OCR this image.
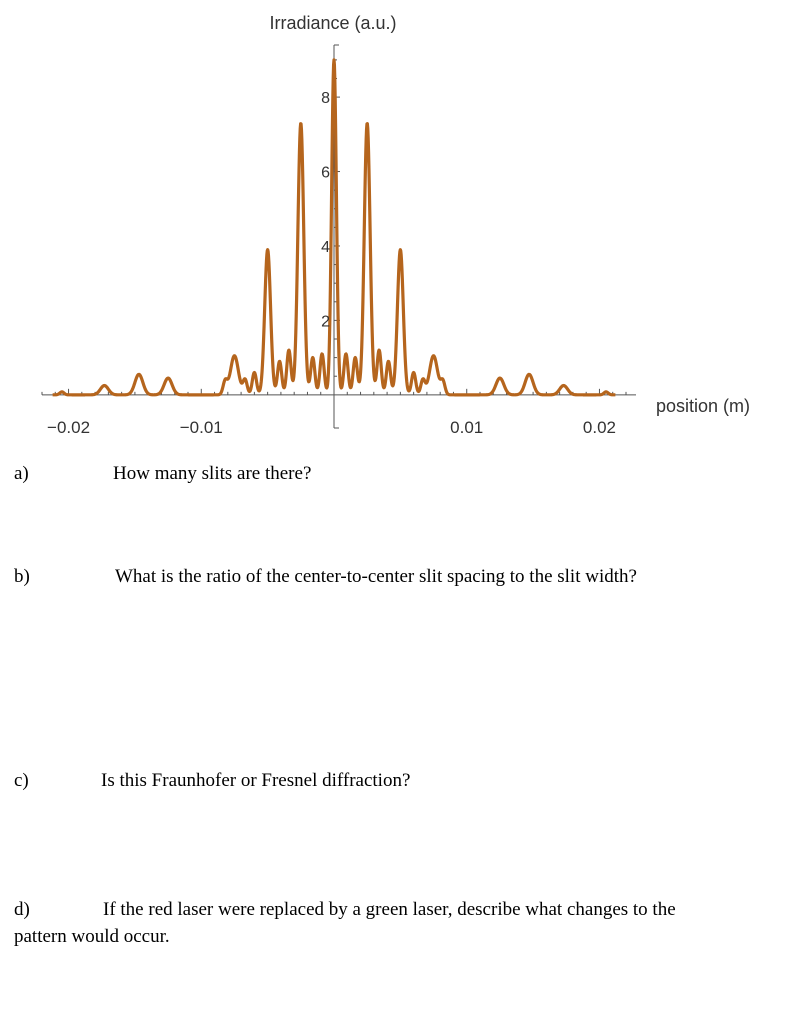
−0.02	−0.01	0.01	0.02
2
4
6
8
Irradiance (a.u.)
position (m)
a)	How many slits are there?
b)	What is the ratio of the center-to-center slit spacing to the slit width?
c)	Is this Fraunhofer or Fresnel diffraction?
d)	If the red laser were replaced by a green laser, describe what changes to the
pattern would occur.
